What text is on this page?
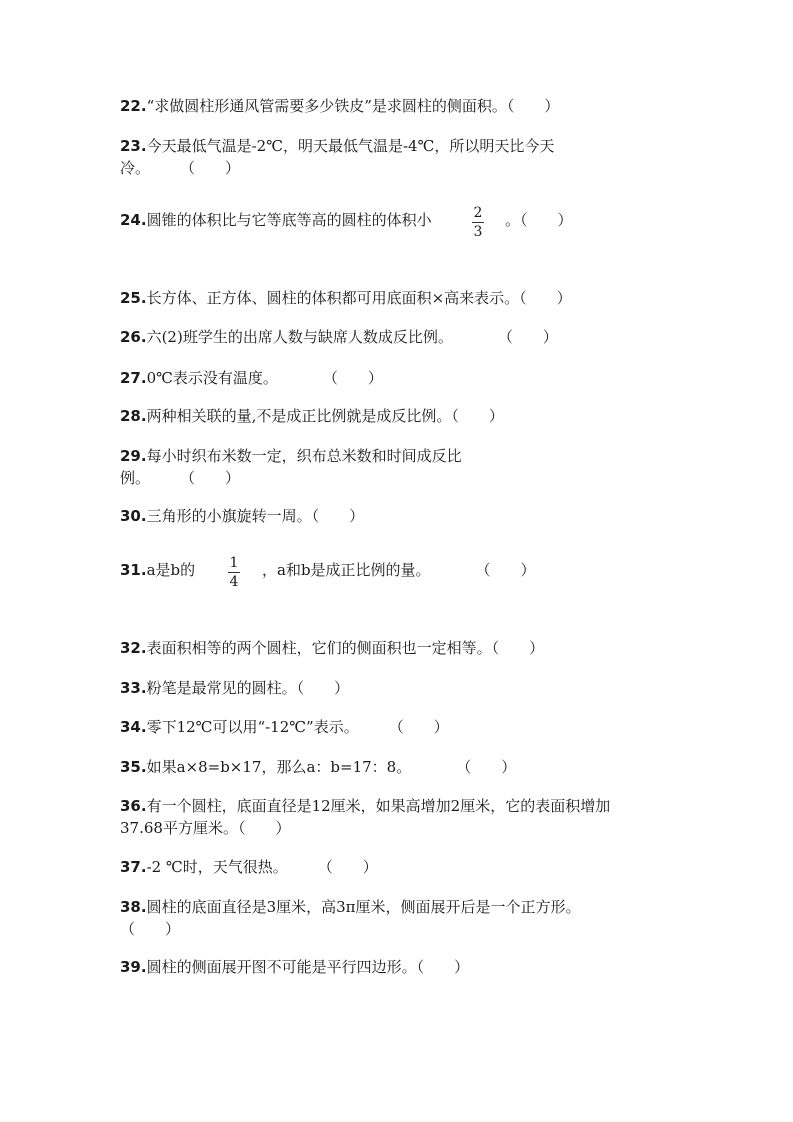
22.“求做圆柱形通风管需要多少铁皮”是求圆柱的侧面积。（　　）
23.今天最低气温是-2℃，明天最低气温是-4℃，所以明天比今天
冷。　　　（　　）
24.圆锥的体积比与它等底等高的圆柱的体积小	2
3
。（　　）
25.长方体、正方体、圆柱的体积都可用底面积×高来表示。（　　）
26.六(2)班学生的出席人数与缺席人数成反比例。　　　　（　　）
27.0℃表示没有温度。　　　　（　　）
28.两种相关联的量,不是成正比例就是成反比例。（　　）
29.每小时织布米数一定，织布总米数和时间成反比
例。　　　（　　）
30.三角形的小旗旋转一周。（　　）
31.a是b的 1
4
，a和b是成正比例的量。　　　　（　　）
32.表面积相等的两个圆柱，它们的侧面积也一定相等。（　　）
33.粉笔是最常见的圆柱。（　　）
34.零下12℃可以用“-12℃”表示。　　　（　　）
35.如果a×8=b×17，那么a：b=17：8。　　　　（　　）
36.有一个圆柱，底面直径是12厘米，如果高增加2厘米，它的表面积增加
37.68平方厘米。（　　）
37.-2 ℃时，天气很热。　　　（　　）
38.圆柱的底面直径是3厘米，高3π厘米，侧面展开后是一个正方形。
（　　）
39.圆柱的侧面展开图不可能是平行四边形。（　　）
